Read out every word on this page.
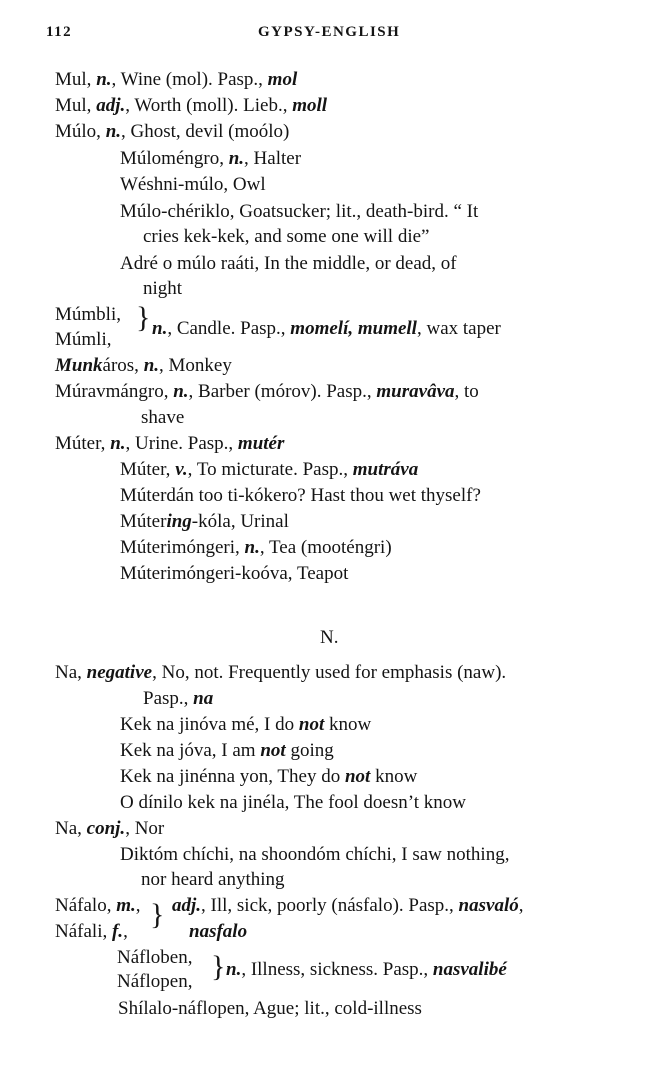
112	GYPSY-ENGLISH
Mul, n., Wine (mol). Pasp., mol
Mul, adj., Worth (moll). Lieb., moll
Múlo, n., Ghost, devil (moólo)
Múloméngro, n., Halter
Wéshni-múlo, Owl
Múlo-chériklo, Goatsucker; lit., death-bird. “ It
cries kek-kek, and some one will die”
Adré o múlo raáti, In the middle, or dead, of
night
Múmbli, } n., Candle. Pasp., momelí, mumell, wax taper
Múmli,
Munkáros, n., Monkey
Múravmángro, n., Barber (mórov). Pasp., muravâva, to
shave
Múter, n., Urine. Pasp., mutér
Múter, v., To micturate. Pasp., mutráva
Múterdán too ti-kókero? Hast thou wet thyself?
Mútering-kóla, Urinal
Múterimóngeri, n., Tea (mooténgri)
Múterimóngeri-koóva, Teapot
N.
Na, negative, No, not. Frequently used for emphasis (naw).
Pasp., na
Kek na jinóva mé, I do not know
Kek na jóva, I am not going
Kek na jinénna yon, They do not know
O dínilo kek na jinéla, The fool doesn’t know
Na, conj., Nor
Diktóm chíchi, na shoondóm chíchi, I saw nothing,
nor heard anything
Náfalo, m., } adj., Ill, sick, poorly (násfalo). Pasp., nasvaló,
Náfali, f.,	nasfalo
Náfloben, } n., Illness, sickness. Pasp., nasvalibé
Náflopen,
Shílalo-náflopen, Ague; lit., cold-illness
